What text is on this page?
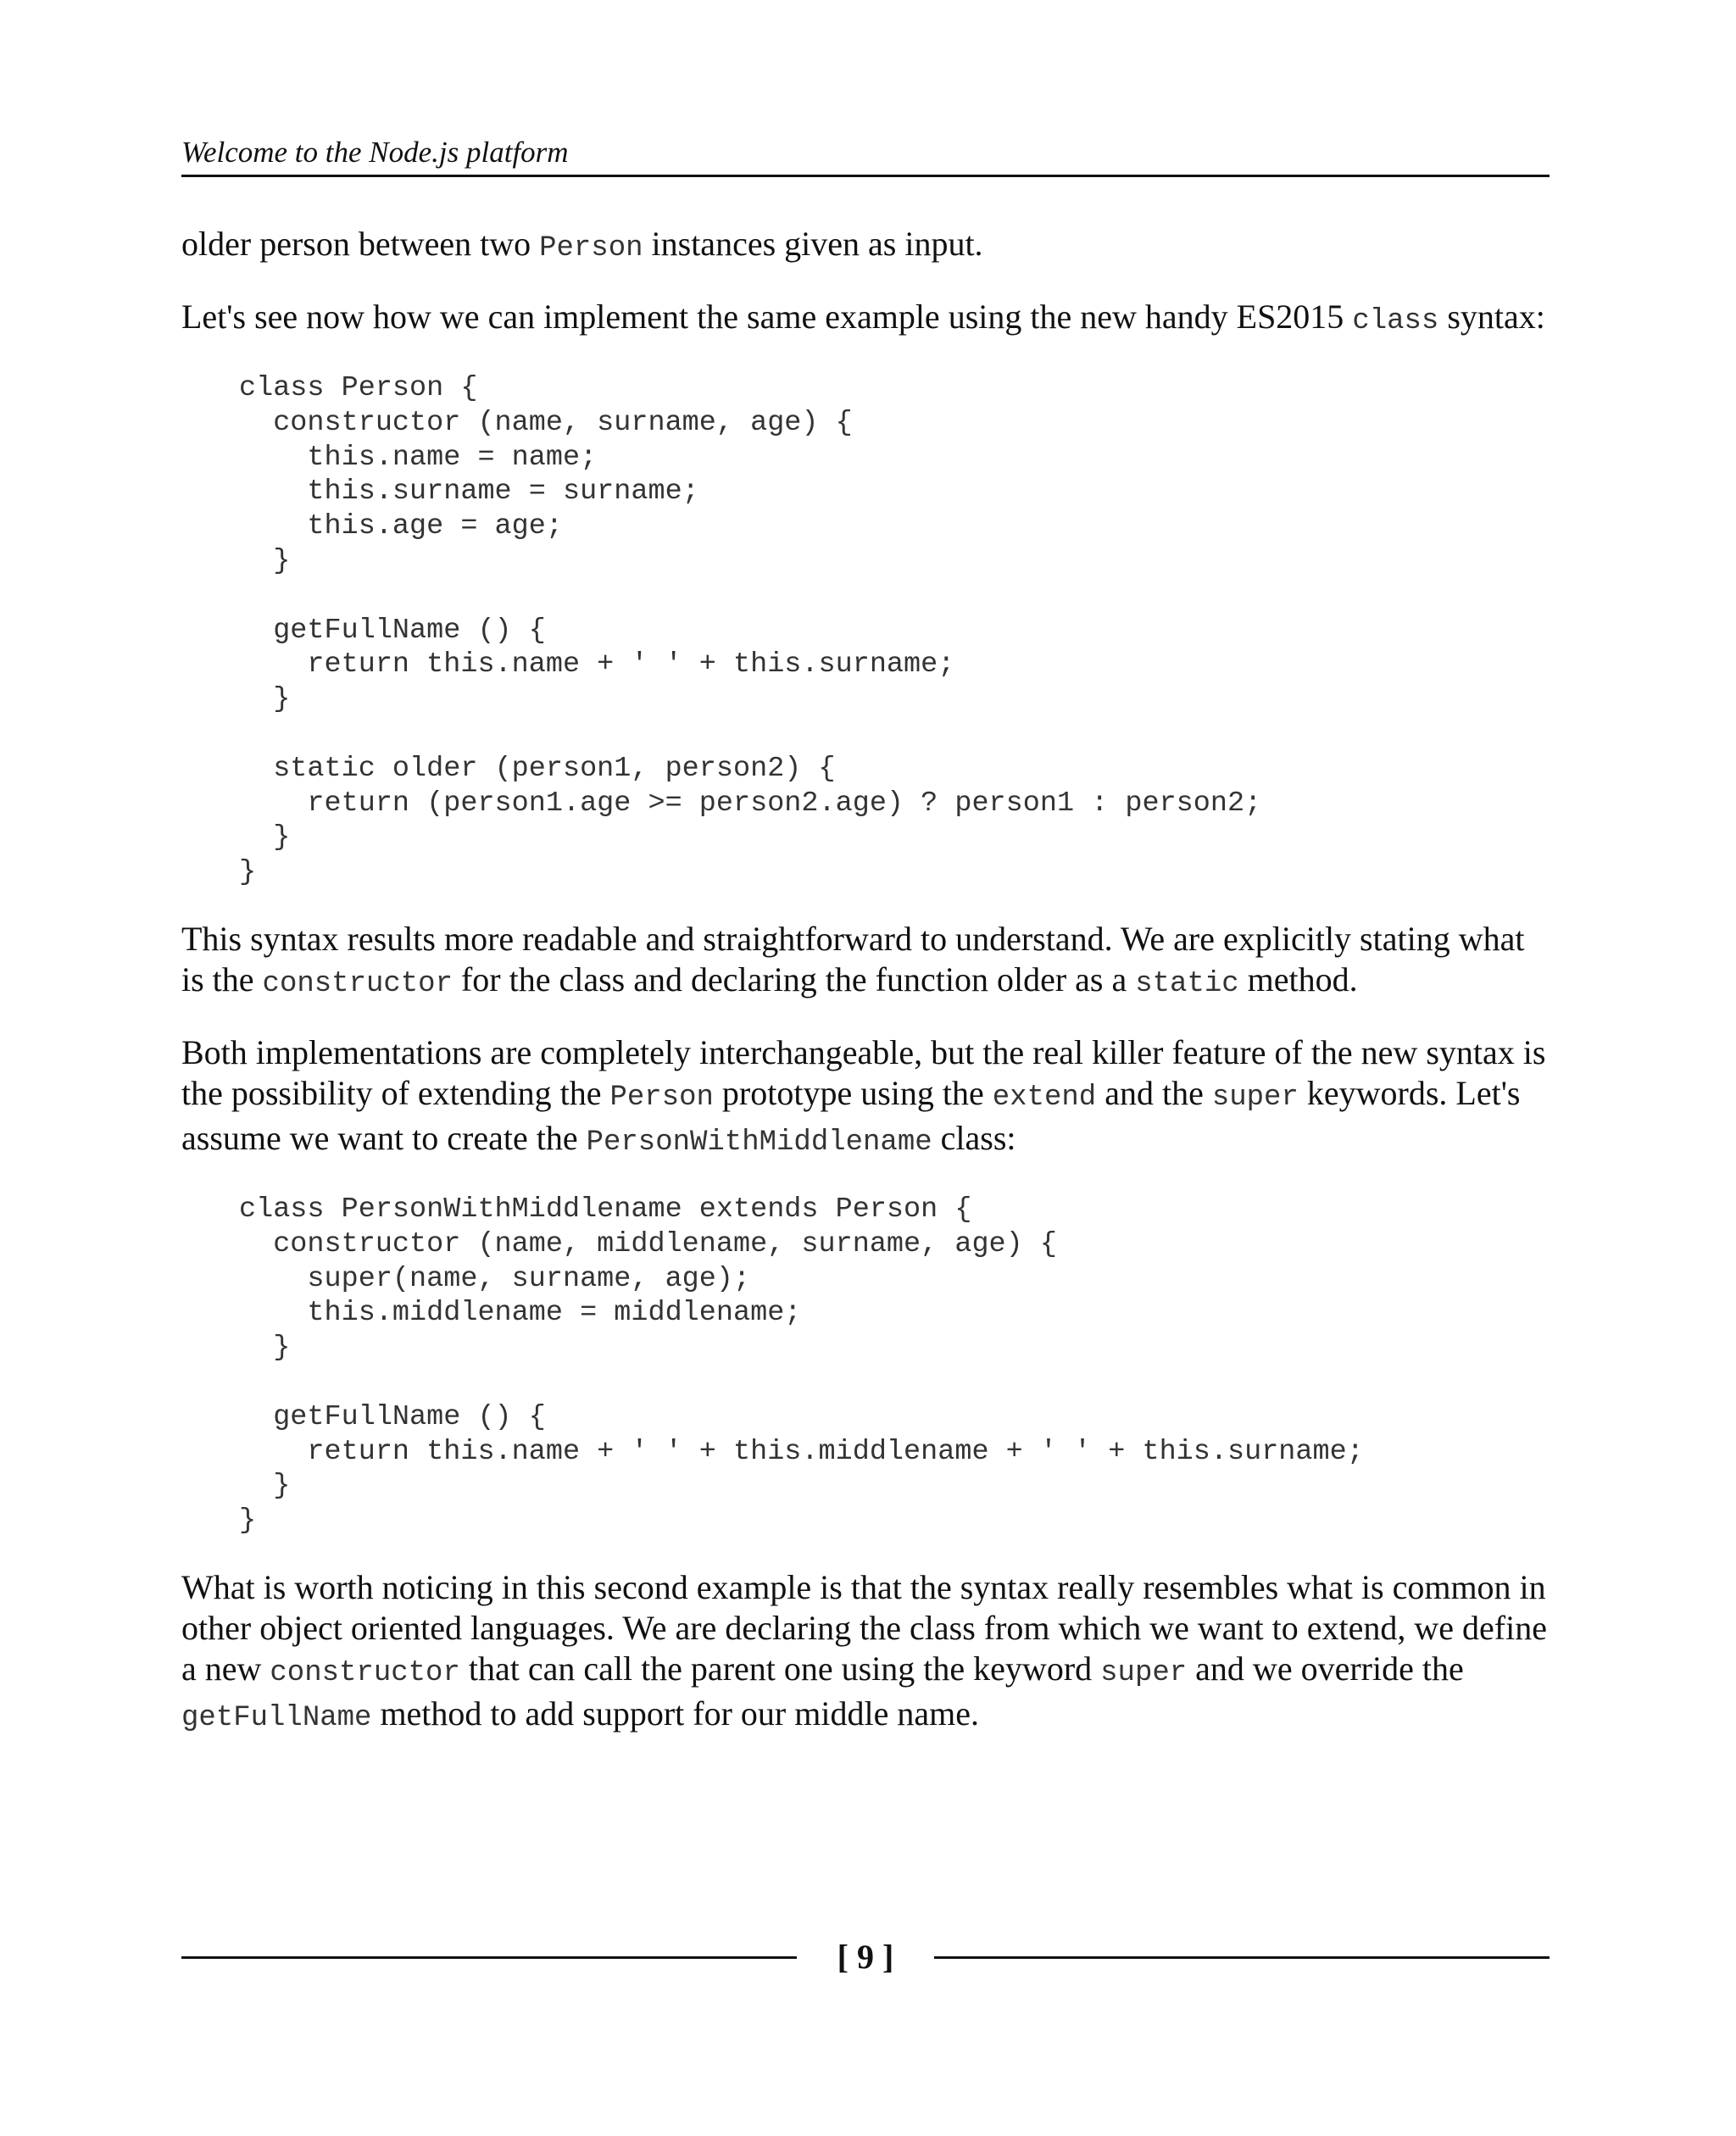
Welcome to the Node.js platform

older person between two Person instances given as input.

Let's see now how we can implement the same example using the new handy ES2015 class syntax:

class Person {
constructor (name, surname, age) {
this.name = name;
this.surname = surname;
this.age = age;
}

getFullName () {
return this.name + ' ' + this.surname;
}

static older (person1, person2) {
return (person1.age >= person2.age) ? person1 : person2;
}
}

This syntax results more readable and straightforward to understand. We are explicitly stating what is the constructor for the class and declaring the function older as a static method.

Both implementations are completely interchangeable, but the real killer feature of the new syntax is the possibility of extending the Person prototype using the extend and the super keywords. Let's assume we want to create the PersonWithMiddlename class:

class PersonWithMiddlename extends Person {
constructor (name, middlename, surname, age) {
super(name, surname, age);
this.middlename = middlename;
}

getFullName () {
return this.name + ' ' + this.middlename + ' ' + this.surname;
}
}

What is worth noticing in this second example is that the syntax really resembles what is common in other object oriented languages. We are declaring the class from which we want to extend, we define a new constructor that can call the parent one using the keyword super and we override the getFullName method to add support for our middle name.

[ 9 ]
